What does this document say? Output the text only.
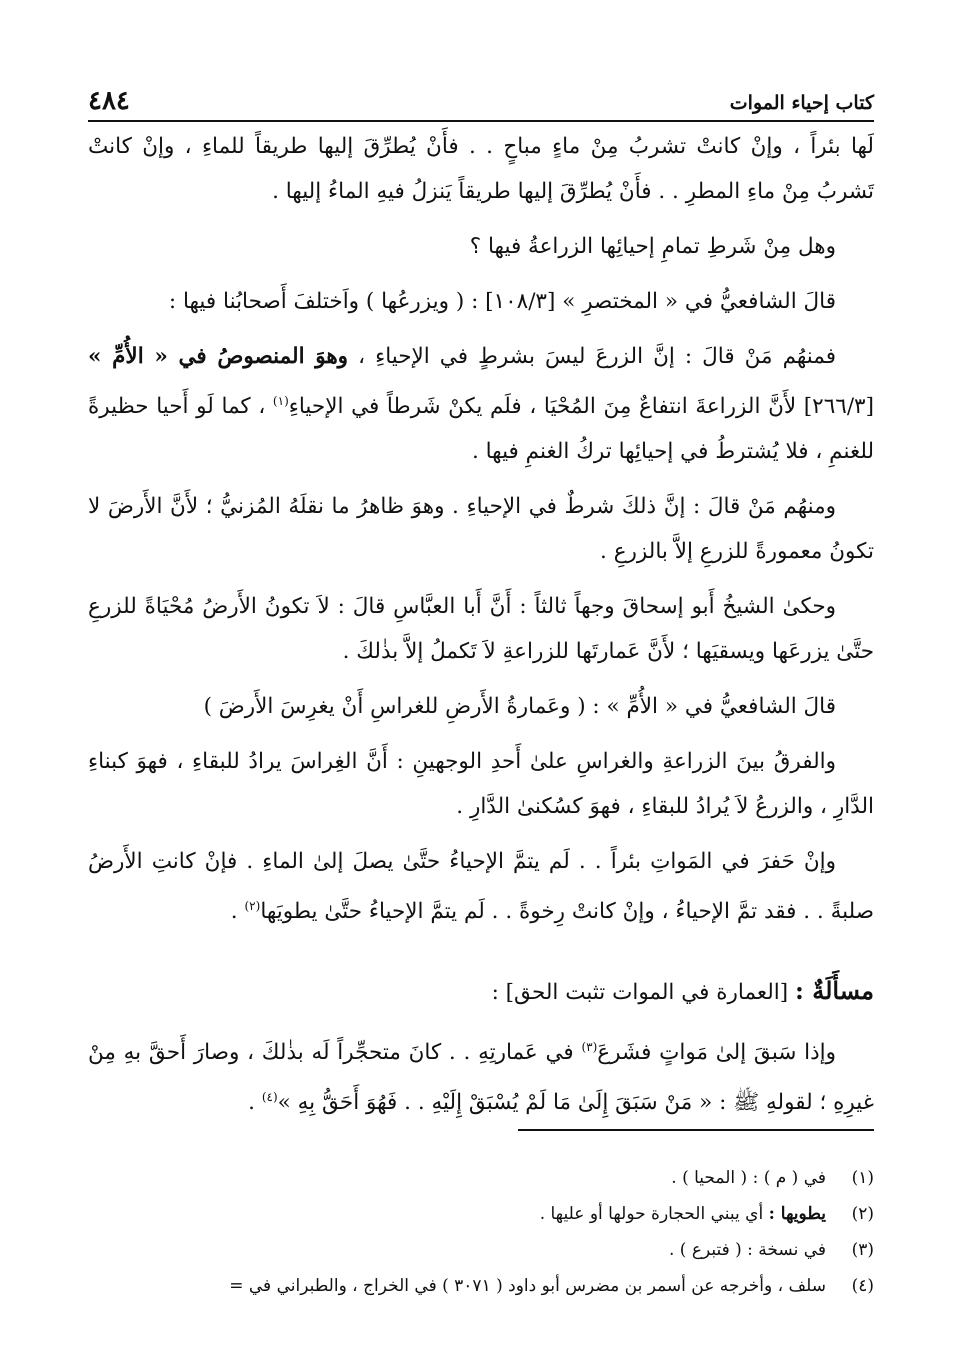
كتاب إحياء الموات
٤٨٤

لَها بئراً ، وإنْ كانتْ تشربُ مِنْ ماءٍ مباحٍ . . فأَنْ يُطرِّقَ إليها طريقاً للماءِ ، وإنْ كانتْ تَشربُ مِنْ ماءِ المطرِ . . فأَنْ يُطرِّقَ إليها طريقاً يَنزلُ فيهِ الماءُ إليها .

وهل مِنْ شَرطِ تمامِ إحيائِها الزراعةُ فيها ؟

قالَ الشافعيُّ في « المختصرِ » [١٠٨/٣] : ( ويزرعُها ) واَختلفَ أَصحابُنا فيها :

فمنهُم مَنْ قالَ : إنَّ الزرعَ ليسَ بشرطٍ في الإحياءِ ، وهوَ المنصوصُ في « الأُمِّ » [٢٦٦/٣] لأَنَّ الزراعةَ انتفاعٌ مِنَ المُحْيَا ، فلَم يكنْ شَرطاً في الإحياءِ$^{(١)}$ ، كما لَو أَحيا حظيرةً للغنمِ ، فلا يُشترطُ في إحيائِها تركُ الغنمِ فيها .

ومنهُم مَنْ قالَ : إنَّ ذلكَ شرطٌ في الإحياءِ . وهوَ ظاهرُ ما نقلَهُ المُزنيُّ ؛ لأَنَّ الأَرضَ لا تكونُ معمورةً للزرعِ إلاَّ بالزرعِ .

وحكىٰ الشيخُ أَبو إسحاقَ وجهاً ثالثاً : أَنَّ أَبا العبَّاسِ قالَ : لاَ تكونُ الأَرضُ مُحْيَاةً للزرعِ حتَّىٰ يزرعَها ويسقيَها ؛ لأَنَّ عَمارتَها للزراعةِ لاَ تَكملُ إلاَّ بذٰلكَ .

قالَ الشافعيُّ في « الأُمِّ » : ( وعَمارةُ الأَرضِ للغراسِ أَنْ يغرِسَ الأَرضَ )

والفرقُ بينَ الزراعةِ والغراسِ علىٰ أَحدِ الوجهينِ : أَنَّ الغِراسَ يرادُ للبقاءِ ، فهوَ كبناءِ الدَّارِ ، والزرعُ لاَ يُرادُ للبقاءِ ، فهوَ كسُكنىٰ الدَّارِ .

وإنْ حَفرَ في المَواتِ بئراً . . لَم يتمَّ الإحياءُ حتَّىٰ يصلَ إلىٰ الماءِ . فإنْ كانتِ الأَرضُ صلبةً . . فقد تمَّ الإحياءُ ، وإنْ كانتْ رِخوةً . . لَم يتمَّ الإحياءُ حتَّىٰ يطويَها$^{(٢)}$ .

مسأَلَةٌ : [العمارة في الموات تثبت الحق] :

وإذا سَبقَ إلىٰ مَواتٍ فشَرعَ$^{(٣)}$ في عَمارتِهِ . . كانَ متحجِّراً لَه بذٰلكَ ، وصارَ أَحقَّ بهِ مِنْ غيرِهِ ؛ لقولهِ ﷺ : « مَنْ سَبَقَ إِلَىٰ مَا لَمْ يُسْبَقْ إِلَيْهِ . . فَهُوَ أَحَقُّ بِهِ »$^{(٤)}$ .

(١)
في ( م ) : ( المحيا ) .
(٢)
يطويها : أي يبني الحجارة حولها أو عليها .
(٣)
في نسخة : ( فتبرع ) .
(٤)
سلف ، وأخرجه عن أسمر بن مضرس أبو داود ( ٣٠٧١ ) في الخراج ، والطبراني في =
